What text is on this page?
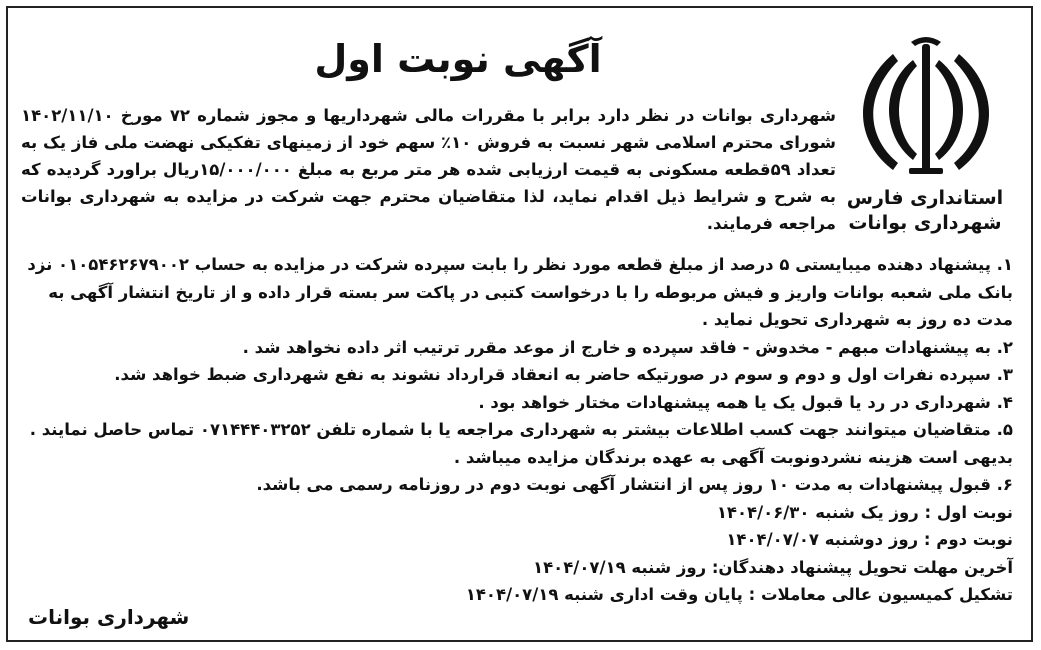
استانداری فارس
شهرداری بوانات
آگهی نوبت اول
شهرداری بوانات در نظر دارد برابر با مقررات مالی شهرداریها و مجوز شماره ۷۲ مورخ ۱۴۰۲/۱۱/۱۰ شورای محترم اسلامی شهر نسبت به فروش ۱۰٪ سهم خود از زمینهای تفکیکی نهضت ملی فاز یک به تعداد ۵۹قطعه مسکونی به قیمت ارزیابی شده هر متر مربع به مبلغ ۱۵/۰۰۰/۰۰۰ریال براورد گردیده که به شرح و شرایط ذیل اقدام نماید، لذا متقاضیان محترم جهت شرکت در مزایده به شهرداری بوانات مراجعه فرمایند.

۱. پیشنهاد دهنده میبایستی ۵ درصد از مبلغ قطعه مورد نظر را بابت سپرده شرکت در مزایده به حساب ۰۱۰۵۴۶۲۶۷۹۰۰۲ نزد بانک ملی شعبه بوانات واریز و فیش مربوطه را با درخواست کتبی در پاکت سر بسته قرار داده و از تاریخ انتشار آگهی به مدت ده روز به شهرداری تحویل نماید .

۲. به پیشنهادات مبهم - مخدوش - فاقد سپرده و خارج از موعد مقرر ترتیب اثر داده نخواهد شد .

۳. سپرده نفرات اول و دوم و سوم در صورتیکه حاضر به انعقاد قرارداد نشوند به نفع شهرداری ضبط خواهد شد.

۴. شهرداری در رد یا قبول یک یا همه پیشنهادات مختار خواهد بود .

۵. متقاضیان میتوانند جهت کسب اطلاعات بیشتر به شهرداری مراجعه یا با شماره تلفن ۰۷۱۴۴۴۰۳۲۵۲ تماس حاصل نمایند . بدیهی است هزینه نشردونوبت آگهی به عهده برندگان مزایده میباشد .

۶. قبول پیشنهادات به مدت ۱۰ روز پس از انتشار آگهی نوبت دوم در روزنامه رسمی می باشد.

نوبت اول : روز یک شنبه ۱۴۰۴/۰۶/۳۰

نوبت دوم : روز دوشنبه ۱۴۰۴/۰۷/۰۷

آخرین مهلت تحویل پیشنهاد دهندگان: روز شنبه ۱۴۰۴/۰۷/۱۹

تشکیل کمیسیون عالی معاملات : پایان وقت اداری شنبه ۱۴۰۴/۰۷/۱۹

شهرداری بوانات
